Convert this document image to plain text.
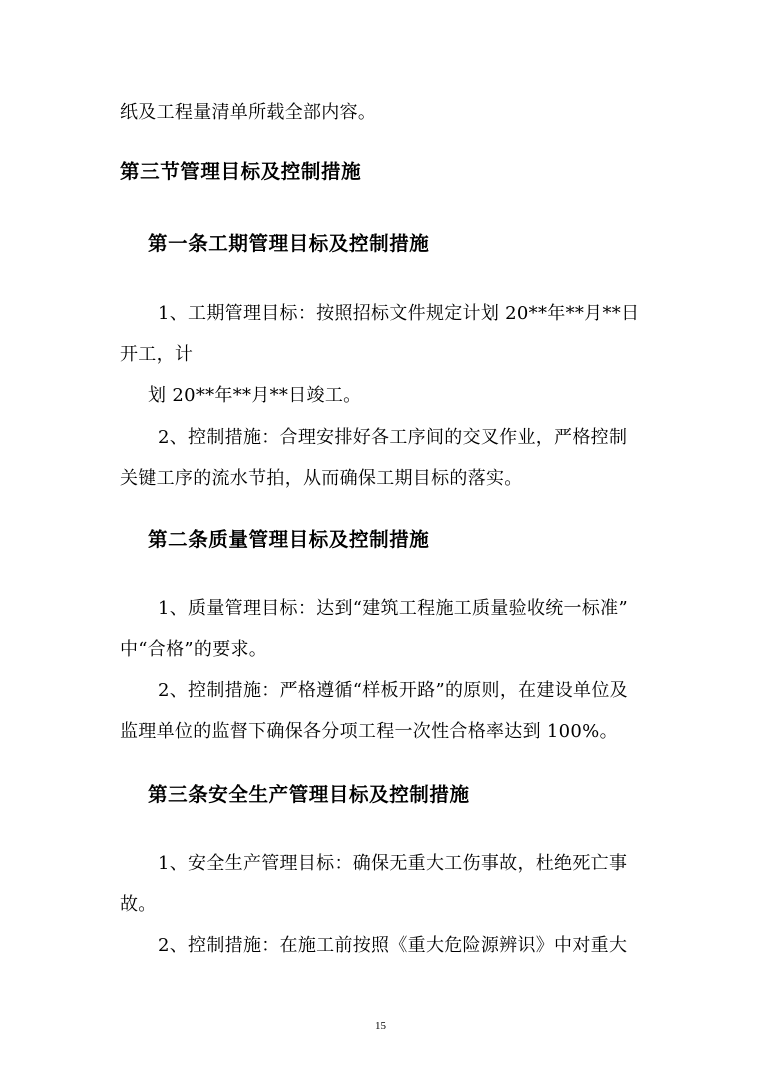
纸及工程量清单所载全部内容。
第三节管理目标及控制措施
第一条工期管理目标及控制措施
1、工期管理目标：按照招标文件规定计划 20**年**月**日
开工，计
划 20**年**月**日竣工。
2、控制措施：合理安排好各工序间的交叉作业，严格控制
关键工序的流水节拍，从而确保工期目标的落实。
第二条质量管理目标及控制措施
1、质量管理目标：达到“建筑工程施工质量验收统一标准”
中“合格”的要求。
2、控制措施：严格遵循“样板开路”的原则，在建设单位及
监理单位的监督下确保各分项工程一次性合格率达到 100%。
第三条安全生产管理目标及控制措施
1、安全生产管理目标：确保无重大工伤事故，杜绝死亡事
故。
2、控制措施：在施工前按照《重大危险源辨识》中对重大
15
